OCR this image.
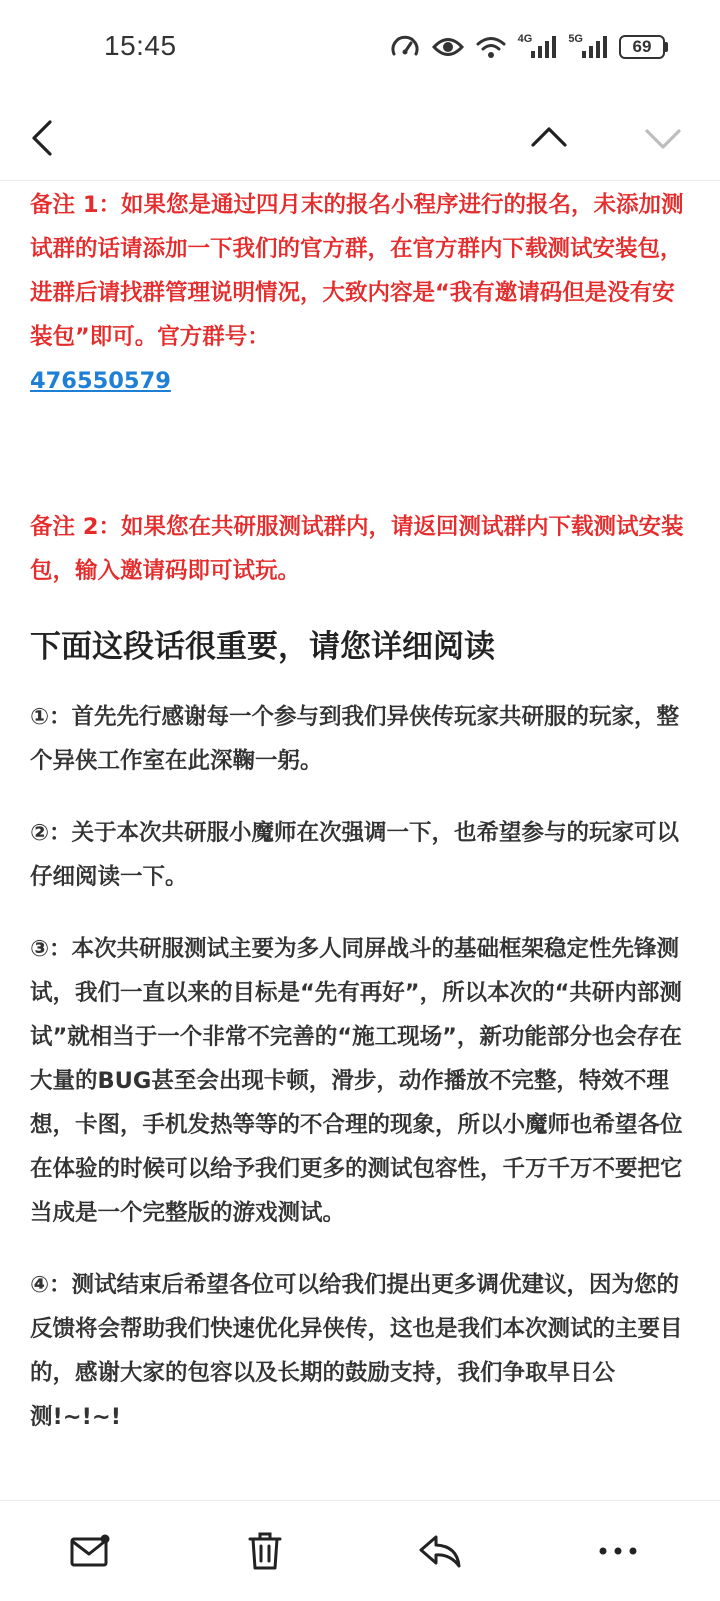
15:45	4G	5G	69

备注 1：如果您是通过四月末的报名小程序进行的报名，未添加测试群的话请添加一下我们的官方群，在官方群内下载测试安装包，进群后请找群管理说明情况，大致内容是“我有邀请码但是没有安装包”即可。官方群号：
476550579

备注 2：如果您在共研服测试群内，请返回测试群内下载测试安装包，输入邀请码即可试玩。

下面这段话很重要，请您详细阅读

①：首先先行感谢每一个参与到我们异侠传玩家共研服的玩家，整个异侠工作室在此深鞠一躬。

②：关于本次共研服小魔师在次强调一下，也希望参与的玩家可以仔细阅读一下。

③：本次共研服测试主要为多人同屏战斗的基础框架稳定性先锋测试，我们一直以来的目标是“先有再好”，所以本次的“共研内部测试”就相当于一个非常不完善的“施工现场”，新功能部分也会存在大量的BUG甚至会出现卡顿，滑步，动作播放不完整，特效不理想，卡图，手机发热等等的不合理的现象，所以小魔师也希望各位在体验的时候可以给予我们更多的测试包容性，千万千万不要把它当成是一个完整版的游戏测试。

④：测试结束后希望各位可以给我们提出更多调优建议，因为您的反馈将会帮助我们快速优化异侠传，这也是我们本次测试的主要目的，感谢大家的包容以及长期的鼓励支持，我们争取早日公测!~!~!
